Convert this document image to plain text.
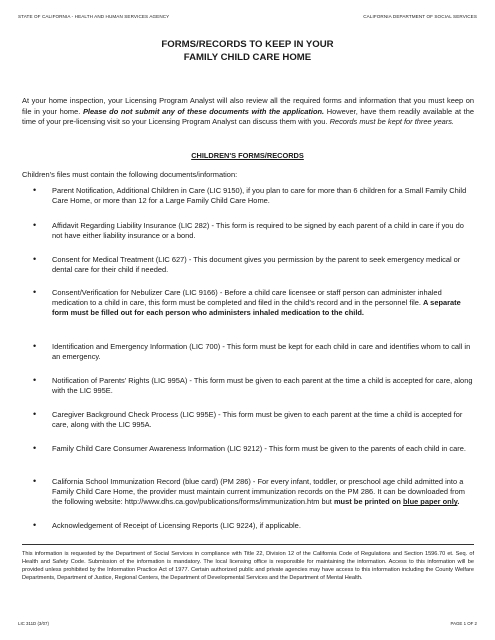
STATE OF CALIFORNIA - HEALTH AND HUMAN SERVICES AGENCY	CALIFORNIA DEPARTMENT OF SOCIAL SERVICES
FORMS/RECORDS TO KEEP IN YOUR
FAMILY CHILD CARE HOME
At your home inspection, your Licensing Program Analyst will also review all the required forms and information that you must keep on file in your home. Please do not submit any of these documents with the application. However, have them readily available at the time of your pre-licensing visit so your Licensing Program Analyst can discuss them with you. Records must be kept for three years.
CHILDREN'S FORMS/RECORDS
Children's files must contain the following documents/information:
• Parent Notification, Additional Children in Care (LIC 9150), if you plan to care for more than 6 children for a Small Family Child Care Home, or more than 12 for a Large Family Child Care Home.
• Affidavit Regarding Liability Insurance (LIC 282) - This form is required to be signed by each parent of a child in care if you do not have either liability insurance or a bond.
• Consent for Medical Treatment (LIC 627) - This document gives you permission by the parent to seek emergency medical or dental care for their child if needed.
• Consent/Verification for Nebulizer Care (LIC 9166) - Before a child care licensee or staff person can administer inhaled medication to a child in care, this form must be completed and filed in the child's record and in the personnel file. A separate form must be filled out for each person who administers inhaled medication to the child.
• Identification and Emergency Information (LIC 700) - This form must be kept for each child in care and identifies whom to call in an emergency.
• Notification of Parents' Rights (LIC 995A) - This form must be given to each parent at the time a child is accepted for care, along with the LIC 995E.
• Caregiver Background Check Process (LIC 995E) - This form must be given to each parent at the time a child is accepted for care, along with the LIC 995A.
• Family Child Care Consumer Awareness Information (LIC 9212) - This form must be given to the parents of each child in care.
• California School Immunization Record (blue card) (PM 286) - For every infant, toddler, or preschool age child admitted into a Family Child Care Home, the provider must maintain current immunization records on the PM 286. It can be downloaded from the following website: http://www.dhs.ca.gov/publications/forms/immunization.htm but must be printed on blue paper only.
• Acknowledgement of Receipt of Licensing Reports (LIC 9224), if applicable.
This information is requested by the Department of Social Services in compliance with Title 22, Division 12 of the California Code of Regulations and Section 1596.70 et. Seq. of Health and Safety Code. Submission of the information is mandatory. The local licensing office is responsible for maintaining the information. Access to this information will be provided unless prohibited by the Information Practice Act of 1977. Certain authorized public and private agencies may have access to this information including the County Welfare Departments, Department of Justice, Regional Centers, the Department of Developmental Services and the Department of Mental Health.
LIC 311D (3/07)	PAGE 1 OF 2
